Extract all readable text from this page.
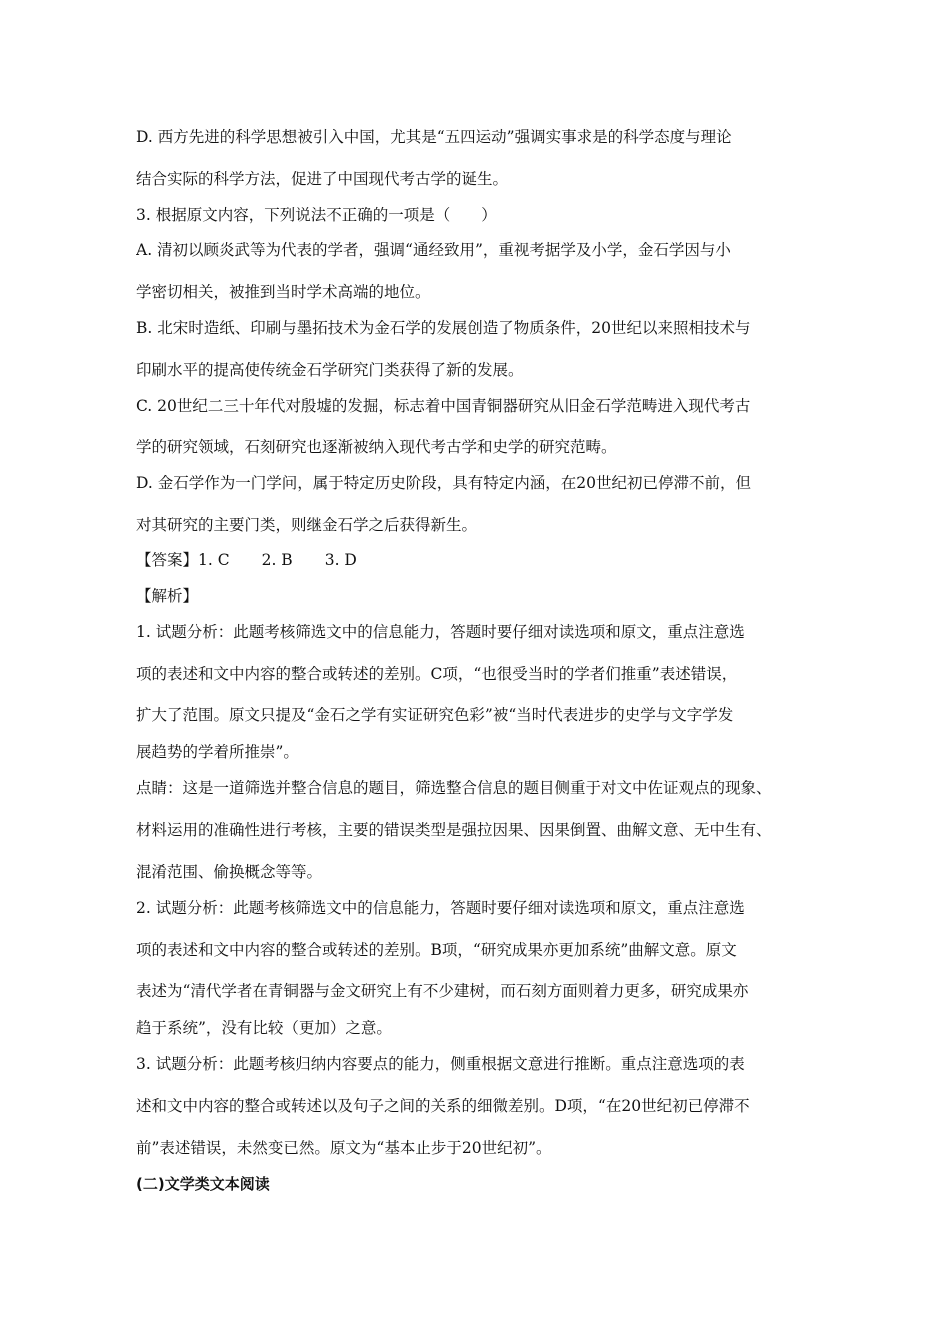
D. 西方先进的科学思想被引入中国，尤其是“五四运动”强调实事求是的科学态度与理论
结合实际的科学方法，促进了中国现代考古学的诞生。
3. 根据原文内容，下列说法不正确的一项是（　　）
A. 清初以顾炎武等为代表的学者，强调“通经致用”，重视考据学及小学，金石学因与小
学密切相关，被推到当时学术高端的地位。
B. 北宋时造纸、印刷与墨拓技术为金石学的发展创造了物质条件，20世纪以来照相技术与
印刷水平的提高使传统金石学研究门类获得了新的发展。
C. 20世纪二三十年代对殷墟的发掘，标志着中国青铜器研究从旧金石学范畴进入现代考古
学的研究领域，石刻研究也逐渐被纳入现代考古学和史学的研究范畴。
D. 金石学作为一门学问，属于特定历史阶段，具有特定内涵，在20世纪初已停滞不前，但
对其研究的主要门类，则继金石学之后获得新生。
【答案】1. C 2. B 3. D
【解析】
1. 试题分析：此题考核筛选文中的信息能力，答题时要仔细对读选项和原文，重点注意选
项的表述和文中内容的整合或转述的差别。C项，“也很受当时的学者们推重”表述错误，
扩大了范围。原文只提及“金石之学有实证研究色彩”被“当时代表进步的史学与文字学发
展趋势的学着所推崇”。
点睛：这是一道筛选并整合信息的题目，筛选整合信息的题目侧重于对文中佐证观点的现象、
材料运用的准确性进行考核，主要的错误类型是强拉因果、因果倒置、曲解文意、无中生有、
混淆范围、偷换概念等等。
2. 试题分析：此题考核筛选文中的信息能力，答题时要仔细对读选项和原文，重点注意选
项的表述和文中内容的整合或转述的差别。B项，“研究成果亦更加系统”曲解文意。原文
表述为“清代学者在青铜器与金文研究上有不少建树，而石刻方面则着力更多，研究成果亦
趋于系统”，没有比较（更加）之意。
3. 试题分析：此题考核归纳内容要点的能力，侧重根据文意进行推断。重点注意选项的表
述和文中内容的整合或转述以及句子之间的关系的细微差别。D项，“在20世纪初已停滞不
前”表述错误，未然变已然。原文为“基本止步于20世纪初”。
(二)文学类文本阅读
